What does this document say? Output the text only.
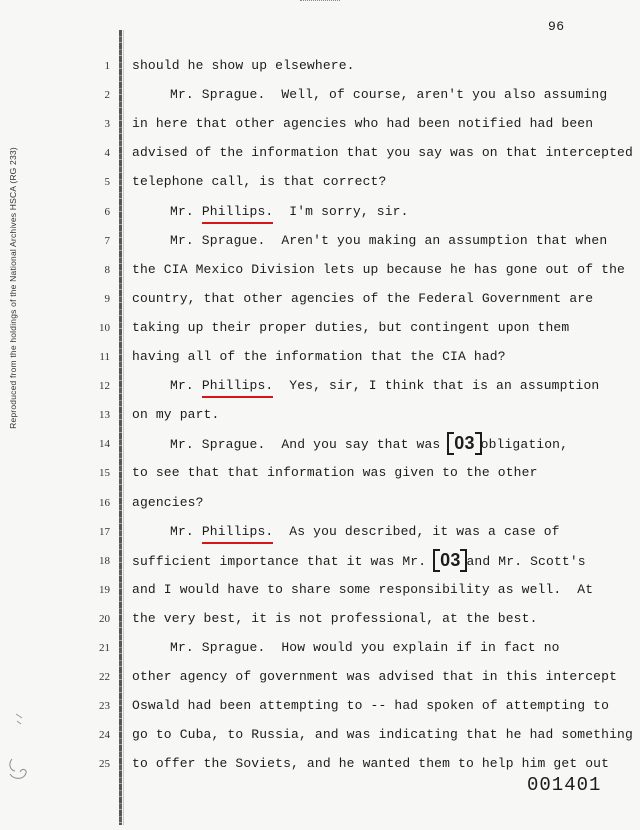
96
Reproduced from the holdings of the National Archives HSCA (RG 233)
1 should he show up elsewhere.
2	Mr. Sprague.  Well, of course, aren't you also assuming
3 in here that other agencies who had been notified had been
4 advised of the information that you say was on that intercepted
5 telephone call, is that correct?
6	Mr. Phillips.  I'm sorry, sir.
7	Mr. Sprague.  Aren't you making an assumption that when
8 the CIA Mexico Division lets up because he has gone out of the
9 country, that other agencies of the Federal Government are
10 taking up their proper duties, but contingent upon them
11 having all of the information that the CIA had?
12	Mr. Phillips.  Yes, sir, I think that is an assumption
13 on my part.
14	Mr. Sprague.  And you say that was 03 obligation,
15 to see that that information was given to the other
16 agencies?
17	Mr. Phillips.  As you described, it was a case of
18 sufficient importance that it was Mr. 03 and Mr. Scott's
19 and I would have to share some responsibility as well.  At
20 the very best, it is not professional, at the best.
21	Mr. Sprague.  How would you explain if in fact no
22 other agency of government was advised that in this intercept
23 Oswald had been attempting to -- had spoken of attempting to
24 go to Cuba, to Russia, and was indicating that he had something
25 to offer the Soviets, and he wanted them to help him get out
001401
